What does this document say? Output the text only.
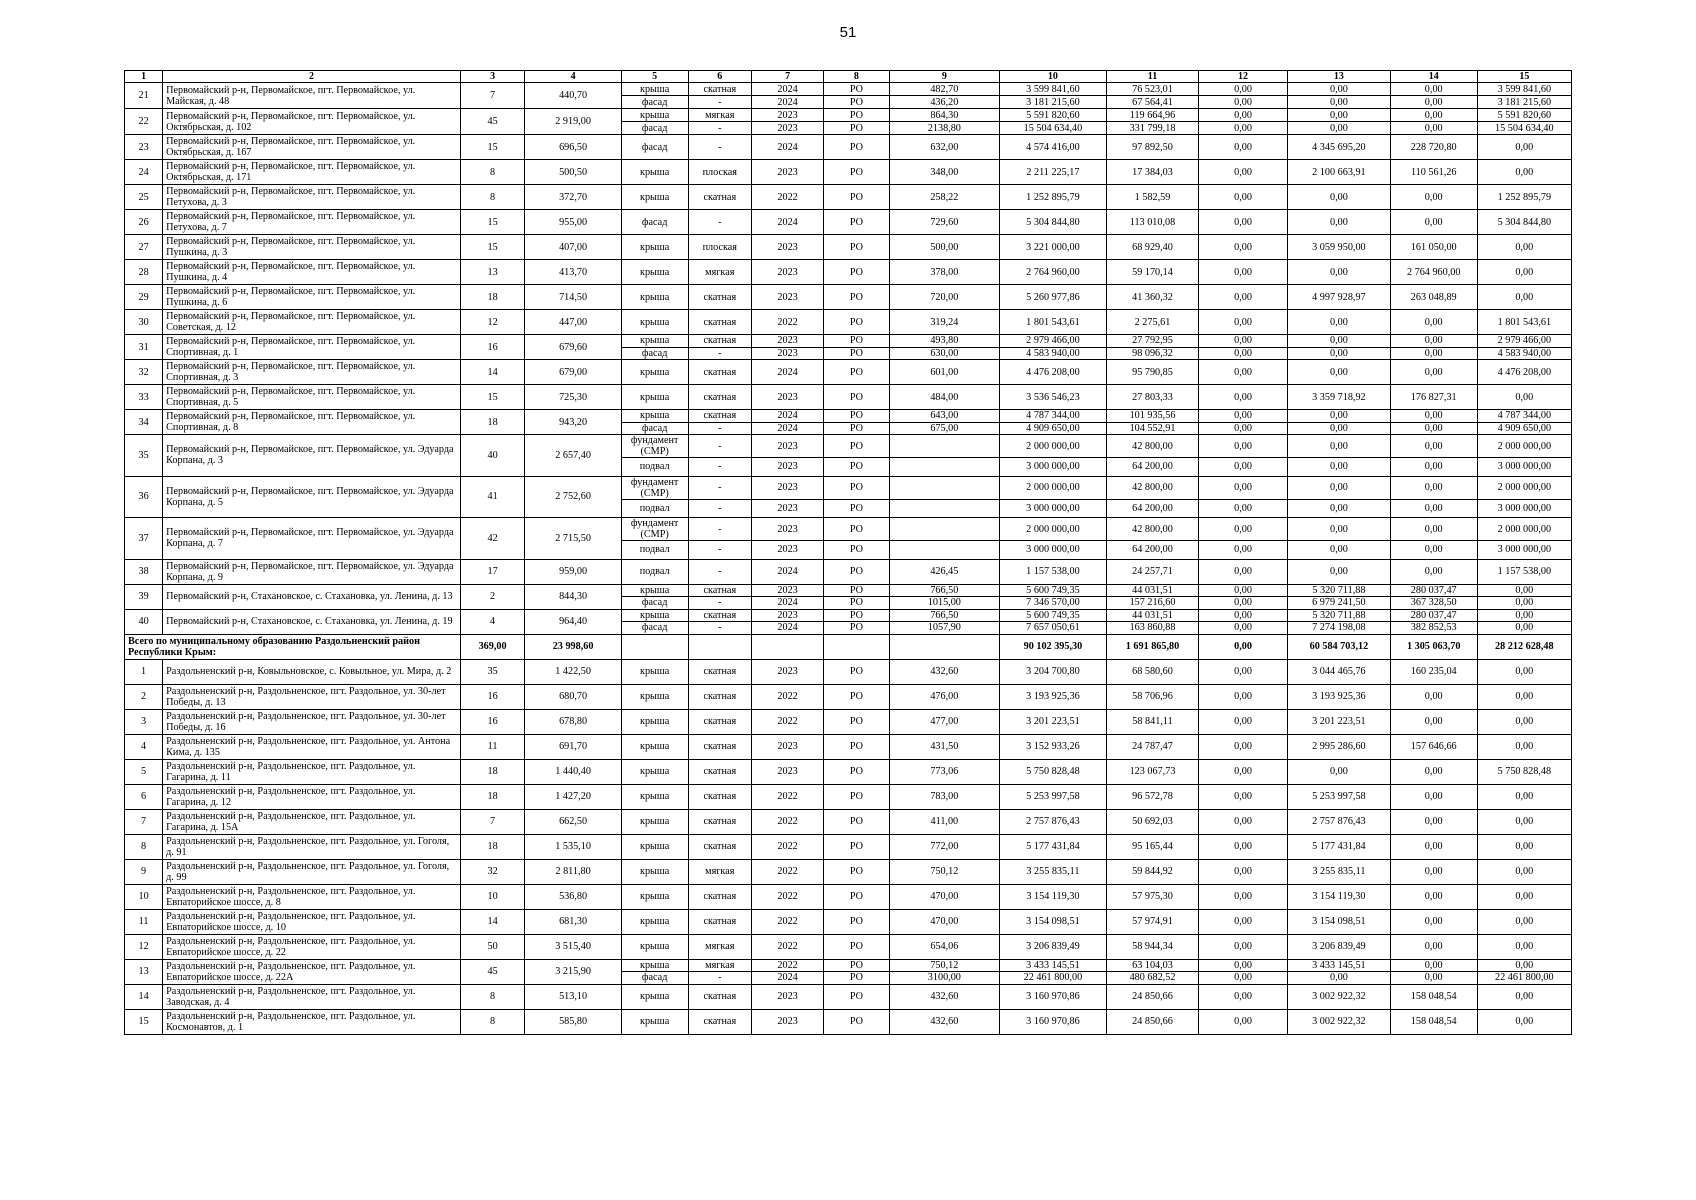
51
1	2	3	4	5	6	7	8	9	10	11	12	13	14	15
21	Первомайский р-н, Первомайское, пгт. Первомайское, ул. Майская, д. 48	7	440,70	крыша	скатная	2024	РО	482,70	3 599 841,60	76 523,01	0,00	0,00	0,00	3 599 841,60
				фасад	-	2024	РО	436,20	3 181 215,60	67 564,41	0,00	0,00	0,00	3 181 215,60
22	Первомайский р-н, Первомайское, пгт. Первомайское, ул. Октябрьская, д. 102	45	2 919,00	крыша	мягкая	2023	РО	864,30	5 591 820,60	119 664,96	0,00	0,00	0,00	5 591 820,60
				фасад	-	2023	РО	2138,80	15 504 634,40	331 799,18	0,00	0,00	0,00	15 504 634,40
23	Первомайский р-н, Первомайское, пгт. Первомайское, ул. Октябрьская, д. 167	15	696,50	фасад	-	2024	РО	632,00	4 574 416,00	97 892,50	0,00	4 345 695,20	228 720,80	0,00
24	Первомайский р-н, Первомайское, пгт. Первомайское, ул. Октябрьская, д. 171	8	500,50	крыша	плоская	2023	РО	348,00	2 211 225,17	17 384,03	0,00	2 100 663,91	110 561,26	0,00
25	Первомайский р-н, Первомайское, пгт. Первомайское, ул. Петухова, д. 3	8	372,70	крыша	скатная	2022	РО	258,22	1 252 895,79	1 582,59	0,00	0,00	0,00	1 252 895,79
26	Первомайский р-н, Первомайское, пгт. Первомайское, ул. Петухова, д. 7	15	955,00	фасад	-	2024	РО	729,60	5 304 844,80	113 010,08	0,00	0,00	0,00	5 304 844,80
27	Первомайский р-н, Первомайское, пгт. Первомайское, ул. Пушкина, д. 3	15	407,00	крыша	плоская	2023	РО	500,00	3 221 000,00	68 929,40	0,00	3 059 950,00	161 050,00	0,00
28	Первомайский р-н, Первомайское, пгт. Первомайское, ул. Пушкина, д. 4	13	413,70	крыша	мягкая	2023	РО	378,00	2 764 960,00	59 170,14	0,00	0,00	2 764 960,00	0,00
29	Первомайский р-н, Первомайское, пгт. Первомайское, ул. Пушкина, д. 6	18	714,50	крыша	скатная	2023	РО	720,00	5 260 977,86	41 360,32	0,00	4 997 928,97	263 048,89	0,00
30	Первомайский р-н, Первомайское, пгт. Первомайское, ул. Советская, д. 12	12	447,00	крыша	скатная	2022	РО	319,24	1 801 543,61	2 275,61	0,00	0,00	0,00	1 801 543,61
31	Первомайский р-н, Первомайское, пгт. Первомайское, ул. Спортивная, д. 1	16	679,60	крыша	скатная	2023	РО	493,80	2 979 466,00	27 792,95	0,00	0,00	0,00	2 979 466,00
				фасад	-	2023	РО	630,00	4 583 940,00	98 096,32	0,00	0,00	0,00	4 583 940,00
32	Первомайский р-н, Первомайское, пгт. Первомайское, ул. Спортивная, д. 3	14	679,00	крыша	скатная	2024	РО	601,00	4 476 208,00	95 790,85	0,00	0,00	0,00	4 476 208,00
33	Первомайский р-н, Первомайское, пгт. Первомайское, ул. Спортивная, д. 5	15	725,30	крыша	скатная	2023	РО	484,00	3 536 546,23	27 803,33	0,00	3 359 718,92	176 827,31	0,00
34	Первомайский р-н, Первомайское, пгт. Первомайское, ул. Спортивная, д. 8	18	943,20	крыша	скатная	2024	РО	643,00	4 787 344,00	101 935,56	0,00	0,00	0,00	4 787 344,00
				фасад	-	2024	РО	675,00	4 909 650,00	104 552,91	0,00	0,00	0,00	4 909 650,00
35	Первомайский р-н, Первомайское, пгт. Первомайское, ул. Эдуарда Корпана, д. 3	40	2 657,40	фундамент (СМР)	-	2023	РО		2 000 000,00	42 800,00	0,00	0,00	0,00	2 000 000,00
				подвал	-	2023	РО		3 000 000,00	64 200,00	0,00	0,00	0,00	3 000 000,00
36	Первомайский р-н, Первомайское, пгт. Первомайское, ул. Эдуарда Корпана, д. 5	41	2 752,60	фундамент (СМР)	-	2023	РО		2 000 000,00	42 800,00	0,00	0,00	0,00	2 000 000,00
				подвал	-	2023	РО		3 000 000,00	64 200,00	0,00	0,00	0,00	3 000 000,00
37	Первомайский р-н, Первомайское, пгт. Первомайское, ул. Эдуарда Корпана, д. 7	42	2 715,50	фундамент (СМР)	-	2023	РО		2 000 000,00	42 800,00	0,00	0,00	0,00	2 000 000,00
				подвал	-	2023	РО		3 000 000,00	64 200,00	0,00	0,00	0,00	3 000 000,00
38	Первомайский р-н, Первомайское, пгт. Первомайское, ул. Эдуарда Корпана, д. 9	17	959,00	подвал	-	2024	РО	426,45	1 157 538,00	24 257,71	0,00	0,00	0,00	1 157 538,00
39	Первомайский р-н, Стахановское, с. Стахановка, ул. Ленина, д. 13	2	844,30	крыша	скатная	2023	РО	766,50	5 600 749,35	44 031,51	0,00	5 320 711,88	280 037,47	0,00
				фасад	-	2024	РО	1015,00	7 346 570,00	157 216,60	0,00	6 979 241,50	367 328,50	0,00
40	Первомайский р-н, Стахановское, с. Стахановка, ул. Ленина, д. 19	4	964,40	крыша	скатная	2023	РО	766,50	5 600 749,35	44 031,51	0,00	5 320 711,88	280 037,47	0,00
				фасад	-	2024	РО	1057,90	7 657 050,61	163 860,88	0,00	7 274 198,08	382 852,53	0,00
Всего по муниципальному образованию Раздольненский район Республики Крым:		369,00	23 998,60						90 102 395,30	1 691 865,80	0,00	60 584 703,12	1 305 063,70	28 212 628,48
1	Раздольненский р-н, Ковыльновское, с. Ковыльное, ул. Мира, д. 2	35	1 422,50	крыша	скатная	2023	РО	432,60	3 204 700,80	68 580,60	0,00	3 044 465,76	160 235,04	0,00
2	Раздольненский р-н, Раздольненское, пгт. Раздольное, ул. 30-лет Победы, д. 13	16	680,70	крыша	скатная	2022	РО	476,00	3 193 925,36	58 706,96	0,00	3 193 925,36	0,00	0,00
3	Раздольненский р-н, Раздольненское, пгт. Раздольное, ул. 30-лет Победы, д. 16	16	678,80	крыша	скатная	2022	РО	477,00	3 201 223,51	58 841,11	0,00	3 201 223,51	0,00	0,00
4	Раздольненский р-н, Раздольненское, пгт. Раздольное, ул. Антона Кима, д. 135	11	691,70	крыша	скатная	2023	РО	431,50	3 152 933,26	24 787,47	0,00	2 995 286,60	157 646,66	0,00
5	Раздольненский р-н, Раздольненское, пгт. Раздольное, ул. Гагарина, д. 11	18	1 440,40	крыша	скатная	2023	РО	773,06	5 750 828,48	123 067,73	0,00	0,00	0,00	5 750 828,48
6	Раздольненский р-н, Раздольненское, пгт. Раздольное, ул. Гагарина, д. 12	18	1 427,20	крыша	скатная	2022	РО	783,00	5 253 997,58	96 572,78	0,00	5 253 997,58	0,00	0,00
7	Раздольненский р-н, Раздольненское, пгт. Раздольное, ул. Гагарина, д. 15А	7	662,50	крыша	скатная	2022	РО	411,00	2 757 876,43	50 692,03	0,00	2 757 876,43	0,00	0,00
8	Раздольненский р-н, Раздольненское, пгт. Раздольное, ул. Гоголя, д. 91	18	1 535,10	крыша	скатная	2022	РО	772,00	5 177 431,84	95 165,44	0,00	5 177 431,84	0,00	0,00
9	Раздольненский р-н, Раздольненское, пгт. Раздольное, ул. Гоголя, д. 99	32	2 811,80	крыша	мягкая	2022	РО	750,12	3 255 835,11	59 844,92	0,00	3 255 835,11	0,00	0,00
10	Раздольненский р-н, Раздольненское, пгт. Раздольное, ул. Евпаторийское шоссе, д. 8	10	536,80	крыша	скатная	2022	РО	470,00	3 154 119,30	57 975,30	0,00	3 154 119,30	0,00	0,00
11	Раздольненский р-н, Раздольненское, пгт. Раздольное, ул. Евпаторийское шоссе, д. 10	14	681,30	крыша	скатная	2022	РО	470,00	3 154 098,51	57 974,91	0,00	3 154 098,51	0,00	0,00
12	Раздольненский р-н, Раздольненское, пгт. Раздольное, ул. Евпаторийское шоссе, д. 22	50	3 515,40	крыша	мягкая	2022	РО	654,06	3 206 839,49	58 944,34	0,00	3 206 839,49	0,00	0,00
13	Раздольненский р-н, Раздольненское, пгт. Раздольное, ул. Евпаторийское шоссе, д. 22А	45	3 215,90	крыша	мягкая	2022	РО	750,12	3 433 145,51	63 104,03	0,00	3 433 145,51	0,00	0,00
				фасад	-	2024	РО	3100,00	22 461 800,00	480 682,52	0,00	0,00	0,00	22 461 800,00
14	Раздольненский р-н, Раздольненское, пгт. Раздольное, ул. Заводская, д. 4	8	513,10	крыша	скатная	2023	РО	432,60	3 160 970,86	24 850,66	0,00	3 002 922,32	158 048,54	0,00
15	Раздольненский р-н, Раздольненское, пгт. Раздольное, ул. Космонавтов, д. 1	8	585,80	крыша	скатная	2023	РО	432,60	3 160 970,86	24 850,66	0,00	3 002 922,32	158 048,54	0,00
